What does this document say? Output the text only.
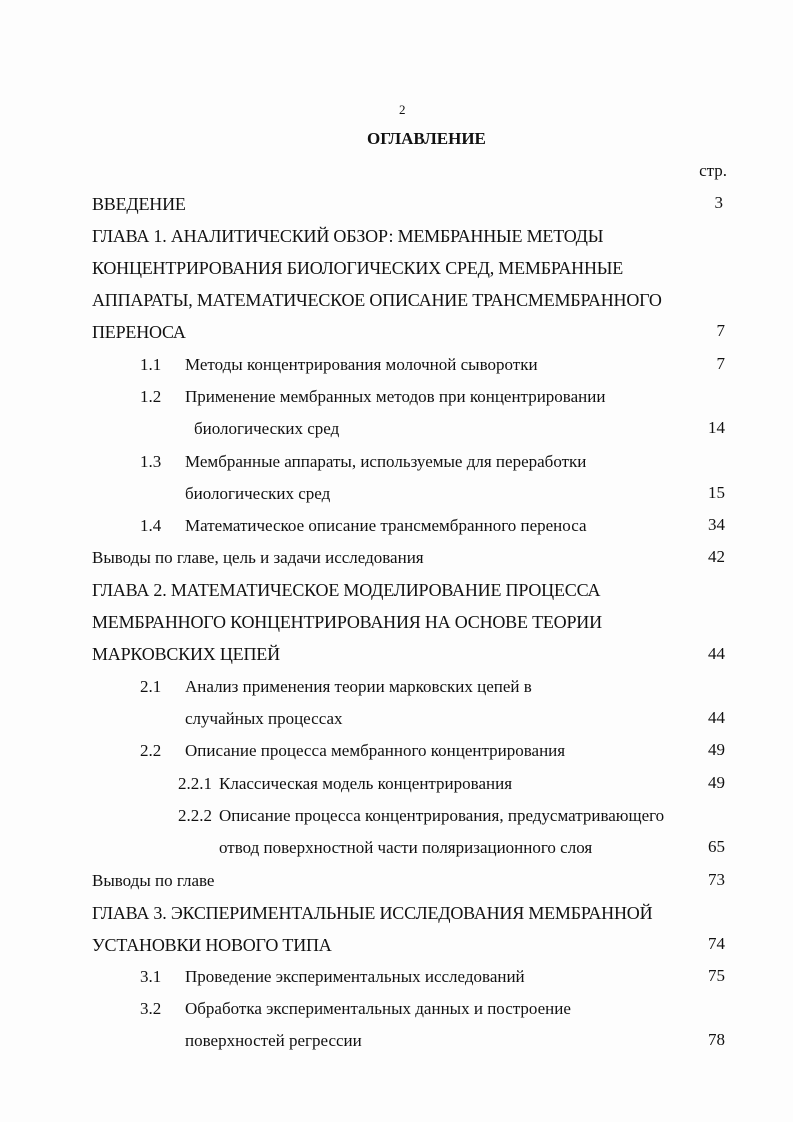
2
ОГЛАВЛЕНИЕ
стр.
ВВЕДЕНИЕ	3
ГЛАВА 1. АНАЛИТИЧЕСКИЙ ОБЗОР: МЕМБРАННЫЕ МЕТОДЫ
КОНЦЕНТРИРОВАНИЯ БИОЛОГИЧЕСКИХ СРЕД, МЕМБРАННЫЕ
АППАРАТЫ, МАТЕМАТИЧЕСКОЕ ОПИСАНИЕ ТРАНСМЕМБРАННОГО
ПЕРЕНОСА	7
1.1 Методы концентрирования молочной сыворотки	7
1.2 Применение мембранных методов при концентрировании
биологических сред	14
1.3 Мембранные аппараты, используемые для переработки
биологических сред	15
1.4 Математическое описание трансмембранного переноса	34
Выводы по главе, цель и задачи исследования	42
ГЛАВА 2. МАТЕМАТИЧЕСКОЕ МОДЕЛИРОВАНИЕ ПРОЦЕССА
МЕМБРАННОГО КОНЦЕНТРИРОВАНИЯ НА ОСНОВЕ ТЕОРИИ
МАРКОВСКИХ ЦЕПЕЙ	44
2.1 Анализ применения теории марковских цепей в
случайных процессах	44
2.2 Описание процесса мембранного концентрирования	49
2.2.1 Классическая модель концентрирования	49
2.2.2 Описание процесса концентрирования, предусматривающего
отвод поверхностной части поляризационного слоя	65
Выводы по главе	73
ГЛАВА 3. ЭКСПЕРИМЕНТАЛЬНЫЕ ИССЛЕДОВАНИЯ МЕМБРАННОЙ
УСТАНОВКИ НОВОГО ТИПА	74
3.1 Проведение экспериментальных исследований	75
3.2 Обработка экспериментальных данных и построение
поверхностей регрессии	78
